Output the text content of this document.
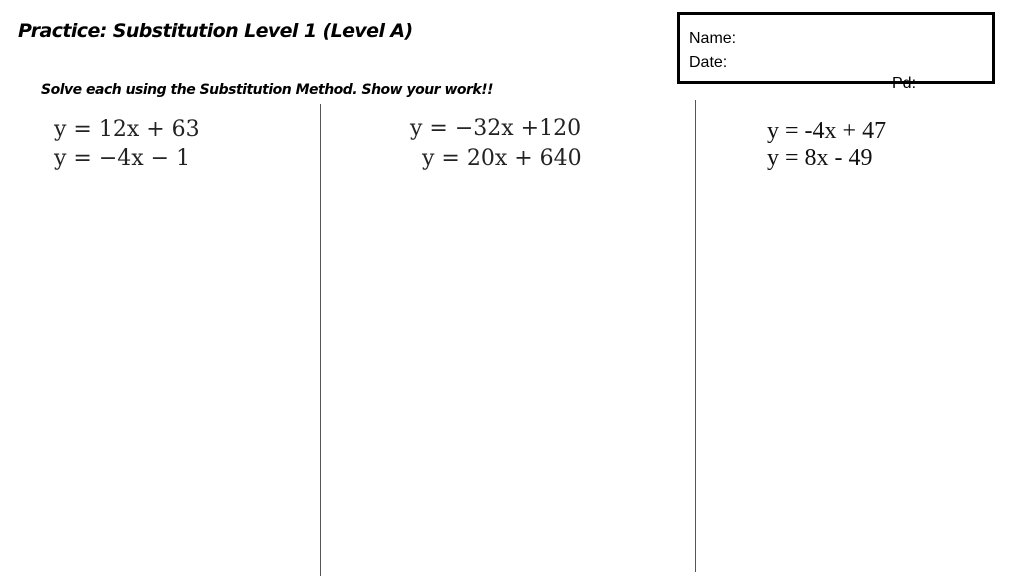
Practice: Substitution Level 1 (Level A)
Solve each using the Substitution Method. Show your work!!
Name:
Date:
Pd:
y = 12x + 63
y = −4x − 1
y = −32x +120
y = 20x + 640
y = -4x + 47
y = 8x - 49
